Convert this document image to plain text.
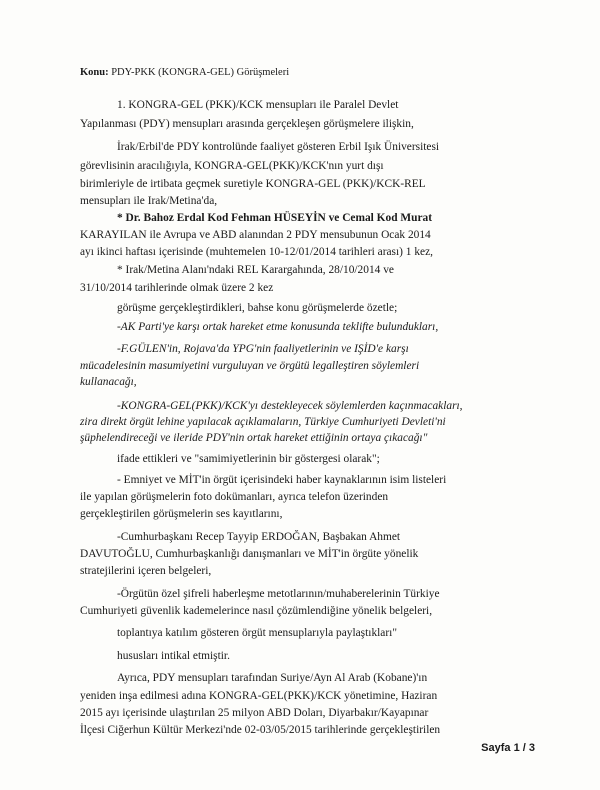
Konu: PDY-PKK (KONGRA-GEL) Görüşmeleri
1. KONGRA-GEL (PKK)/KCK mensupları ile Paralel Devlet
Yapılanması (PDY) mensupları arasında gerçekleşen görüşmelere ilişkin,
İrak/Erbil'de PDY kontrolünde faaliyet gösteren Erbil Işık Üniversitesi
görevlisinin aracılığıyla, KONGRA-GEL(PKK)/KCK'nın yurt dışı
birimleriyle de irtibata geçmek suretiyle KONGRA-GEL (PKK)/KCK-REL
mensupları ile Irak/Metina'da,
* Dr. Bahoz Erdal Kod Fehman HÜSEYİN ve Cemal Kod Murat
KARAYILAN ile Avrupa ve ABD alanından 2 PDY mensubunun Ocak 2014
ayı ikinci haftası içerisinde (muhtemelen 10-12/01/2014 tarihleri arası) 1 kez,
* Irak/Metina Alanı'ndaki REL Karargahında, 28/10/2014 ve
31/10/2014 tarihlerinde olmak üzere 2 kez
görüşme gerçekleştirdikleri, bahse konu görüşmelerde özetle;
-AK Parti'ye karşı ortak hareket etme konusunda teklifte bulundukları,
-F.GÜLEN'in, Rojava'da YPG'nin faaliyetlerinin ve IŞİD'e karşı
mücadelesinin masumiyetini vurguluyan ve örgütü legalleştiren söylemleri
kullanacağı,
-KONGRA-GEL(PKK)/KCK'yı destekleyecek söylemlerden kaçınmacakları,
zira direkt örgüt lehine yapılacak açıklamaların, Türkiye Cumhuriyeti Devleti'ni
şüphelendireceği ve ileride PDY'nin ortak hareket ettiğinin ortaya çıkacağı"
ifade ettikleri ve "samimiyetlerinin bir göstergesi olarak";
- Emniyet ve MİT'in örgüt içerisindeki haber kaynaklarının isim listeleri
ile yapılan görüşmelerin foto dokümanları, ayrıca telefon üzerinden
gerçekleştirilen görüşmelerin ses kayıtlarını,
-Cumhurbaşkanı Recep Tayyip ERDOĞAN, Başbakan Ahmet
DAVUTOĞLU, Cumhurbaşkanlığı danışmanları ve MİT'in örgüte yönelik
stratejilerini içeren belgeleri,
-Örgütün özel şifreli haberleşme metotlarının/muhaberelerinin Türkiye
Cumhuriyeti güvenlik kademelerince nasıl çözümlendiğine yönelik belgeleri,
toplantıya katılım gösteren örgüt mensuplarıyla paylaştıkları"
hususları intikal etmiştir.
Ayrıca, PDY mensupları tarafından Suriye/Ayn Al Arab (Kobane)'ın
yeniden inşa edilmesi adına KONGRA-GEL(PKK)/KCK yönetimine, Haziran
2015 ayı içerisinde ulaştırılan 25 milyon ABD Doları, Diyarbakır/Kayapınar
İlçesi Ciğerhun Kültür Merkezi'nde 02-03/05/2015 tarihlerinde gerçekleştirilen
Sayfa 1 / 3
